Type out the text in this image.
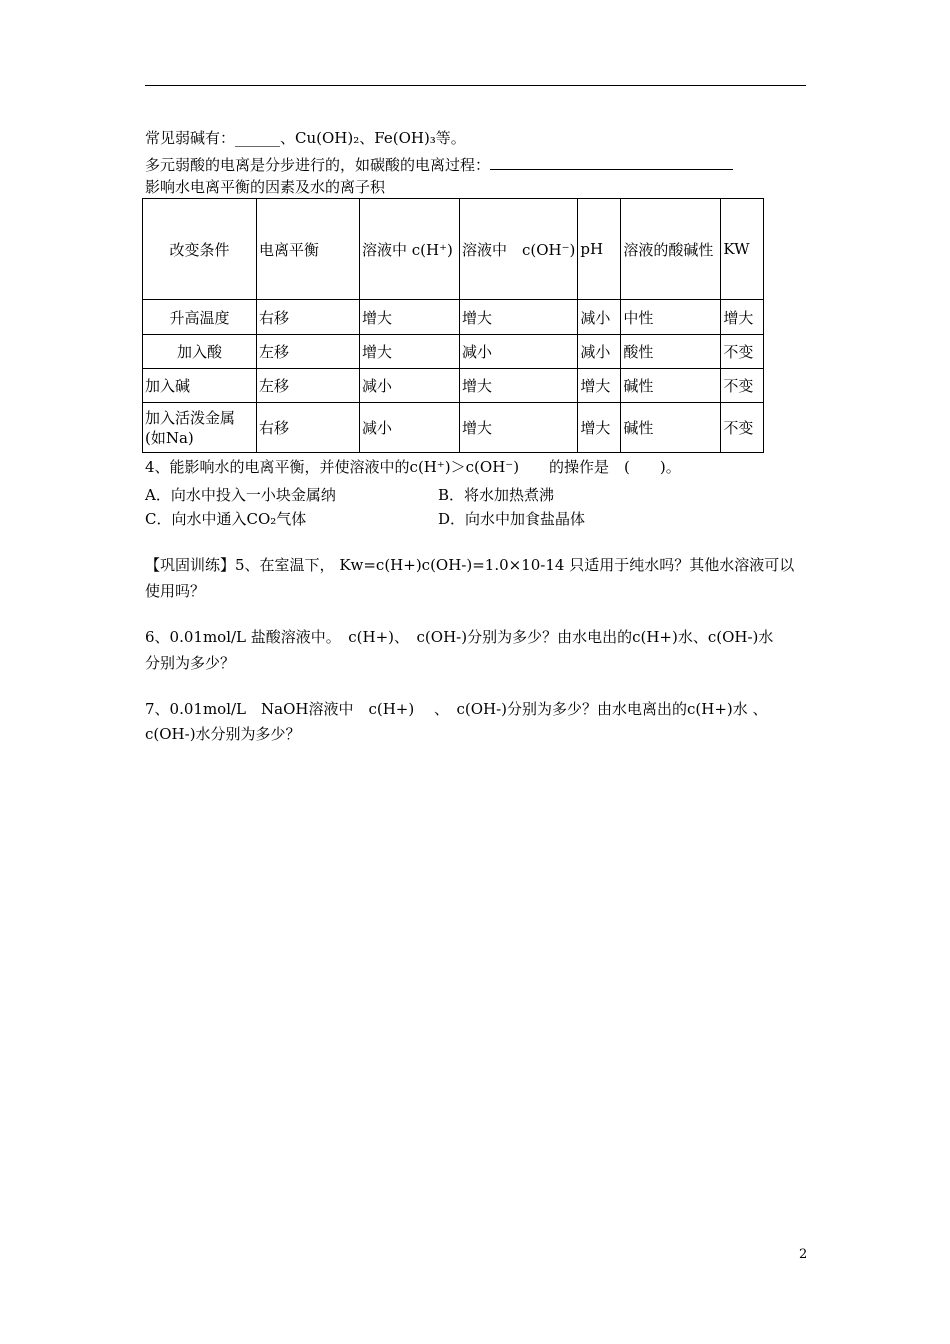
常见弱碱有：______、Cu(OH)₂、Fe(OH)₃等。
多元弱酸的电离是分步进行的，如碳酸的电离过程：
影响水电离平衡的因素及水的离子积
改变条件	电离平衡	溶液中 c(H⁺)	溶液中　c(OH⁻)	pH	溶液的酸碱性	KW
升高温度	右移	增大	增大	减小	中性	增大
加入酸	左移	增大	减小	减小	酸性	不变
加入碱	左移	减小	增大	增大	碱性	不变
加入活泼金属(如Na)	右移	减小	增大	增大	碱性	不变
4、能影响水的电离平衡，并使溶液中的c(H⁺)＞c(OH⁻)　　的操作是　(　　)。
A．向水中投入一小块金属纳	B．将水加热煮沸
C．向水中通入CO₂气体	D．向水中加食盐晶体
【巩固训练】5、在室温下， Kw=c(H+)c(OH-)=1.0×10-14 只适用于纯水吗？其他水溶液可以
使用吗？
6、0.01mol/L 盐酸溶液中。　c(H+)、　c(OH-)分别为多少？由水电出的c(H+)水、c(OH-)水
分别为多少？
7、0.01mol/L　NaOH溶液中　c(H+)　 、　c(OH-)分别为多少？由水电离出的c(H+)水 、
c(OH-)水分别为多少？
2
